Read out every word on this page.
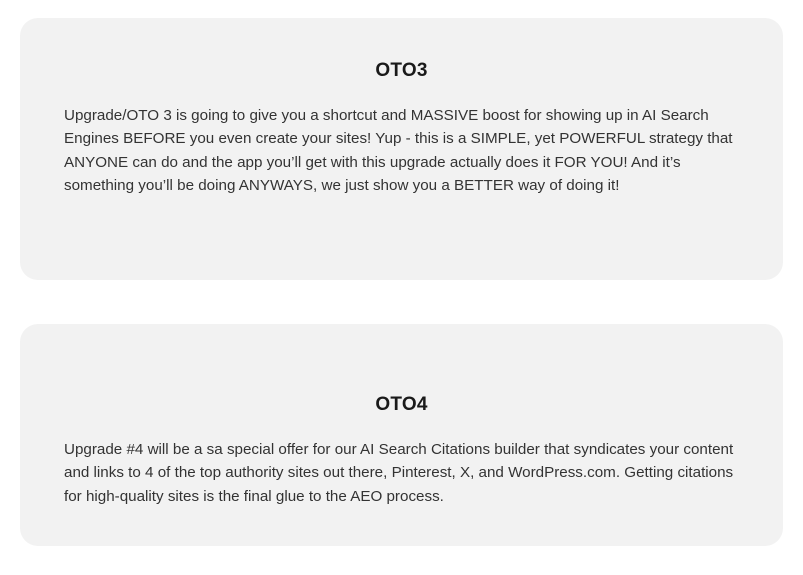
OTO3
Upgrade/OTO 3 is going to give you a shortcut and MASSIVE boost for showing up in AI Search Engines BEFORE you even create your sites! Yup - this is a SIMPLE, yet POWERFUL strategy that ANYONE can do and the app you’ll get with this upgrade actually does it FOR YOU! And it’s something you’ll be doing ANYWAYS, we just show you a BETTER way of doing it!
OTO4
Upgrade #4 will be a sa special offer for our AI Search Citations builder that syndicates your content and links to 4 of the top authority sites out there, Pinterest, X, and WordPress.com. Getting citations for high-quality sites is the final glue to the AEO process.
